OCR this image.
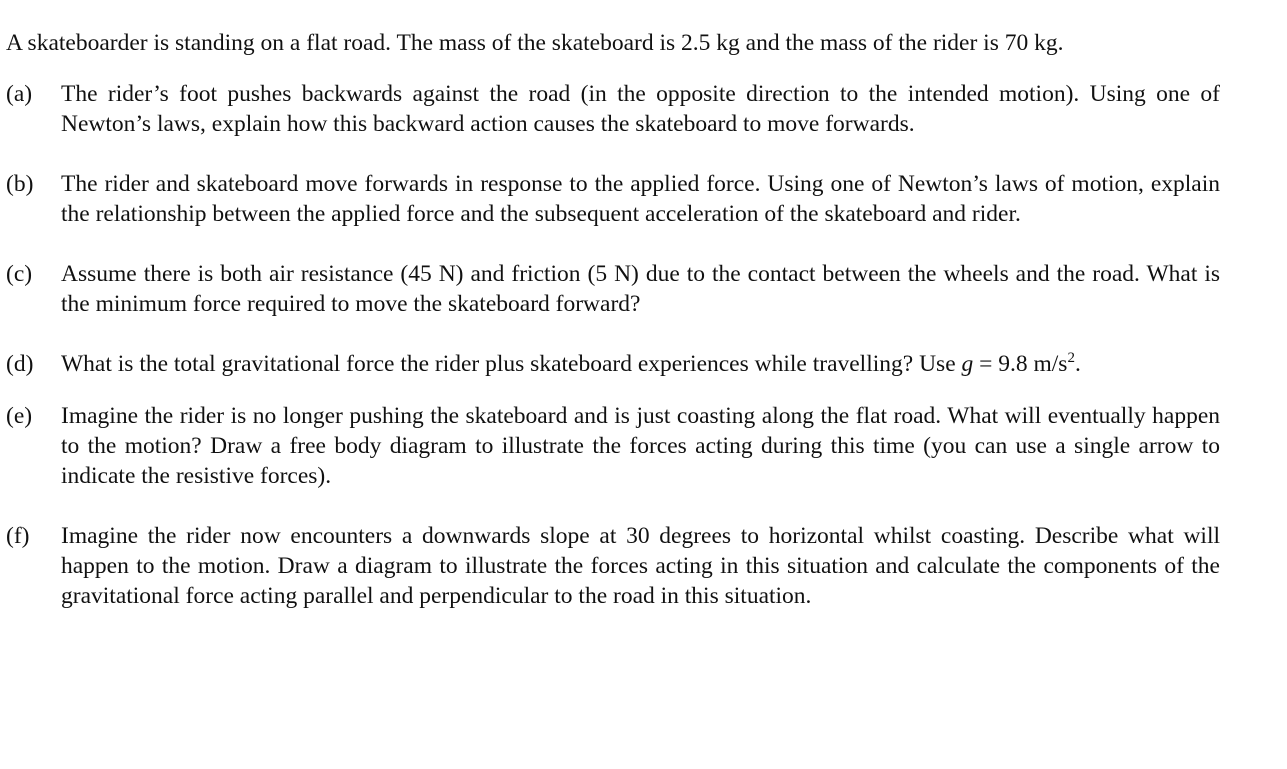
A skateboarder is standing on a flat road. The mass of the skateboard is 2.5 kg and the mass of the rider is 70 kg.

(a)	The rider’s foot pushes backwards against the road (in the opposite direction to the intended motion). Using one of Newton’s laws, explain how this backward action causes the skateboard to move forwards.
(b)	The rider and skateboard move forwards in response to the applied force. Using one of Newton’s laws of motion, explain the relationship between the applied force and the subsequent acceleration of the skateboard and rider.
(c)	Assume there is both air resistance (45 N) and friction (5 N) due to the contact between the wheels and the road. What is the minimum force required to move the skateboard forward?
(d)	What is the total gravitational force the rider plus skateboard experiences while travelling? Use g = 9.8 $m/s^2$.
(e)	Imagine the rider is no longer pushing the skateboard and is just coasting along the flat road. What will eventually happen to the motion? Draw a free body diagram to illustrate the forces acting during this time (you can use a single arrow to indicate the resistive forces).
(f)	Imagine the rider now encounters a downwards slope at 30 degrees to horizontal whilst coasting. Describe what will happen to the motion. Draw a diagram to illustrate the forces acting in this situation and calculate the components of the gravitational force acting parallel and perpendicular to the road in this situation.
